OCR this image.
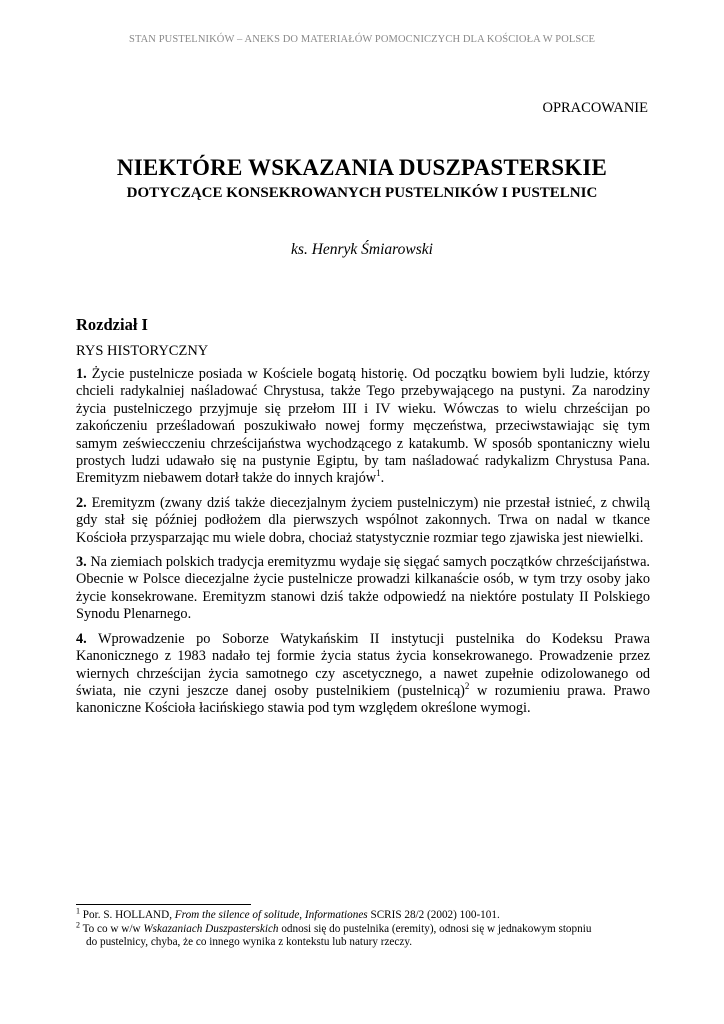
STAN PUSTELNIKÓW – ANEKS DO MATERIAŁÓW POMOCNICZYCH DLA KOŚCIOŁA W POLSCE
OPRACOWANIE
NIEKTÓRE WSKAZANIA DUSZPASTERSKIE
DOTYCZĄCE KONSEKROWANYCH PUSTELNIKÓW I PUSTELNIC
ks. Henryk Śmiarowski
Rozdział I
RYS HISTORYCZNY

1. Życie pustelnicze posiada w Kościele bogatą historię. Od początku bowiem byli ludzie, którzy chcieli radykalniej naśladować Chrystusa, także Tego przebywającego na pustyni. Za narodziny życia pustelniczego przyjmuje się przełom III i IV wieku. Wówczas to wielu chrześcijan po zakończeniu prześladowań poszukiwało nowej formy męczeństwa, przeciwstawiając się tym samym zeświecczeniu chrześcijaństwa wychodzącego z katakumb. W sposób spontaniczny wielu prostych ludzi udawało się na pustynie Egiptu, by tam naśladować radykalizm Chrystusa Pana. Eremityzm niebawem dotarł także do innych krajów$^1$.

2. Eremityzm (zwany dziś także diecezjalnym życiem pustelniczym) nie przestał istnieć, z chwilą gdy stał się później podłożem dla pierwszych wspólnot zakonnych. Trwa on nadal w tkance Kościoła przysparzając mu wiele dobra, chociaż statystycznie rozmiar tego zjawiska jest niewielki.

3. Na ziemiach polskich tradycja eremityzmu wydaje się sięgać samych początków chrześcijaństwa. Obecnie w Polsce diecezjalne życie pustelnicze prowadzi kilkanaście osób, w tym trzy osoby jako życie konsekrowane. Eremityzm stanowi dziś także odpowiedź na niektóre postulaty II Polskiego Synodu Plenarnego.

4. Wprowadzenie po Soborze Watykańskim II instytucji pustelnika do Kodeksu Prawa Kanonicznego z 1983 nadało tej formie życia status życia konsekrowanego. Prowadzenie przez wiernych chrześcijan życia samotnego czy ascetycznego, a nawet zupełnie odizolowanego od świata, nie czyni jeszcze danej osoby pustelnikiem (pustelnicą)$^2$ w rozumieniu prawa. Prawo kanoniczne Kościoła łacińskiego stawia pod tym względem określone wymogi.

$^1$ Por. S. HOLLAND, From the silence of solitude, Informationes SCRIS 28/2 (2002) 100-101.

$^2$ To co w w/w Wskazaniach Duszpasterskich odnosi się do pustelnika (eremity), odnosi się w jednakowym stopniu

do pustelnicy, chyba, że co innego wynika z kontekstu lub natury rzeczy.
